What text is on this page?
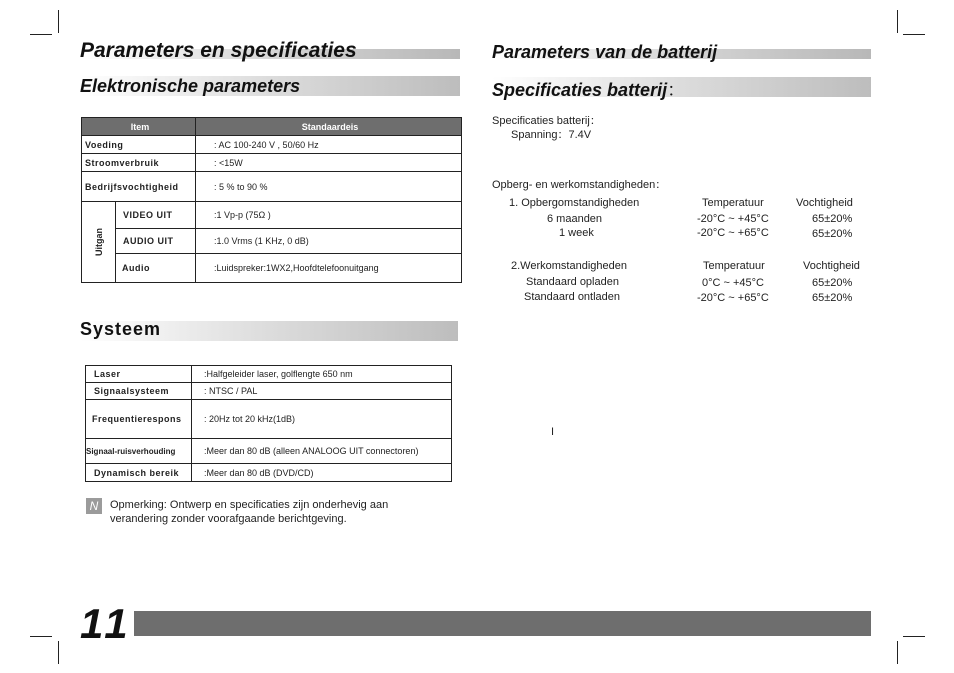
Parameters en specificaties
Elektronische parameters
Item		Standaardeis
Voeding		: AC 100-240 V , 50/60 Hz
Stroomverbruik		: <15W
Bedrijfsvochtigheid		: 5 % to 90 %
Uitgan	VIDEO UIT	:1 Vp-p (75Ω )
	AUDIO UIT	:1.0 Vrms (1 KHz, 0 dB)
	Audio	:Luidspreker:1WX2,Hoofdtelefoonuitgang
Systeem
Laser	:Halfgeleider laser, golflengte 650 nm
Signaalsysteem	: NTSC / PAL
Frequentierespons	: 20Hz tot 20 kHz(1dB)
Signaal-ruisverhouding	:Meer dan 80 dB (alleen ANALOOG UIT connectoren)
Dynamisch bereik	:Meer dan 80 dB (DVD/CD)
N	Opmerking: Ontwerp en specificaties zijn onderhevig aan
verandering zonder voorafgaande berichtgeving.
Parameters van de batterij
Specificaties batterij：
Specificaties batterij：
Spanning：7.4V
Opberg- en werkomstandigheden：
1. Opbergomstandigheden	Temperatuur	Vochtigheid
6 maanden	-20°C ~ +45°C	65±20%
1 week	-20°C ~ +65°C	65±20%
2.Werkomstandigheden	Temperatuur	Vochtigheid
Standaard opladen	0°C ~ +45°C	65±20%
Standaard ontladen	-20°C ~ +65°C	65±20%
I
11
